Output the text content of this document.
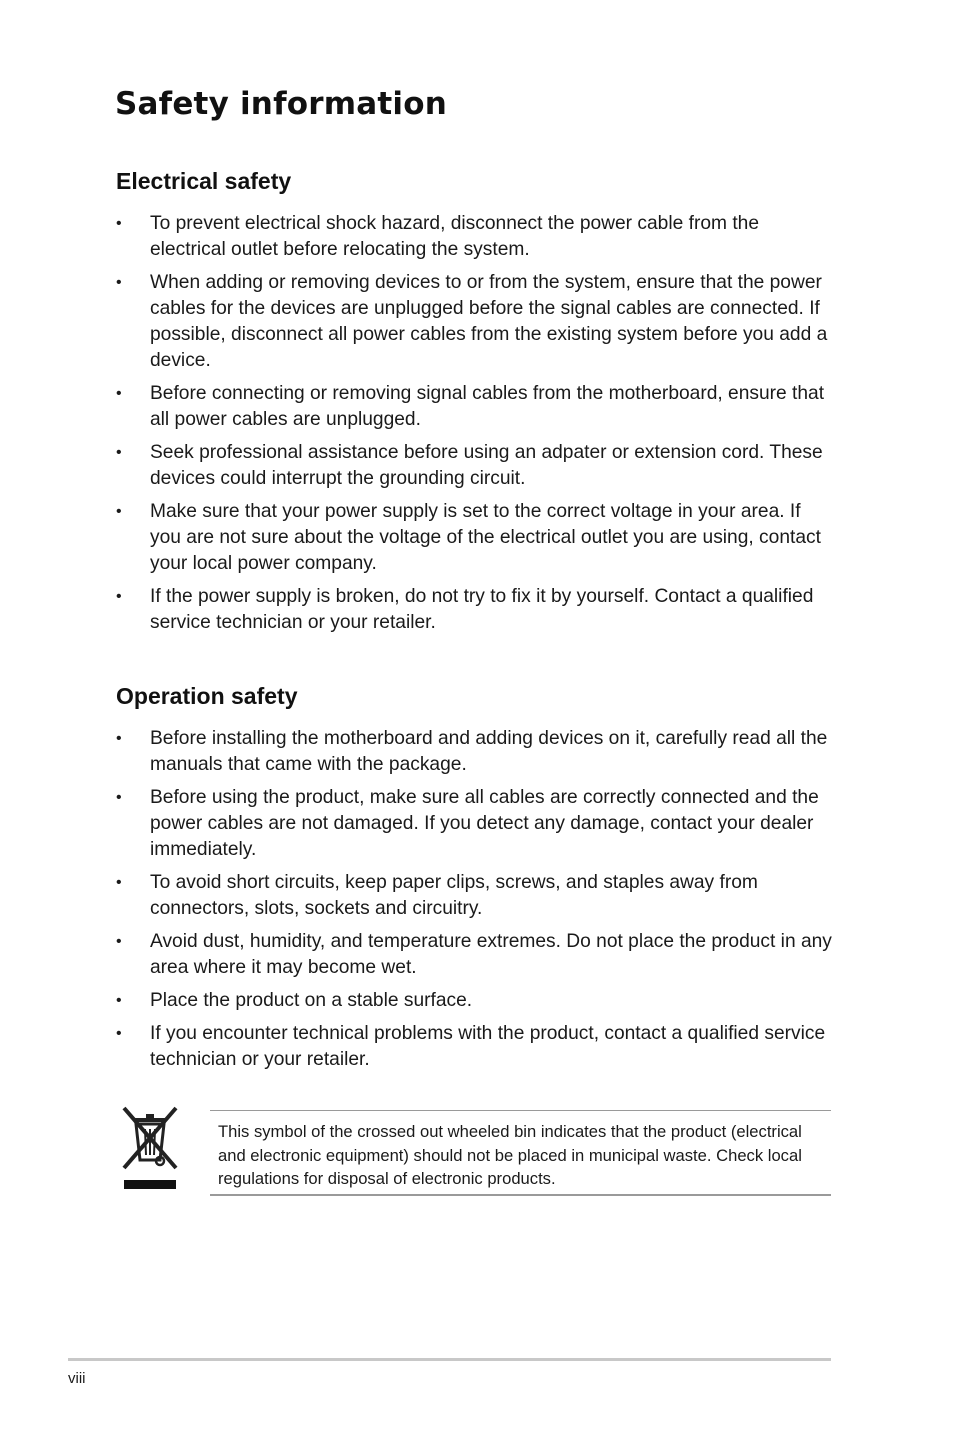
Safety information
Electrical safety
• To prevent electrical shock hazard, disconnect the power cable from the electrical outlet before relocating the system.
• When adding or removing devices to or from the system, ensure that the power cables for the devices are unplugged before the signal cables are connected. If possible, disconnect all power cables from the existing system before you add a device.
• Before connecting or removing signal cables from the motherboard, ensure that all power cables are unplugged.
• Seek professional assistance before using an adpater or extension cord. These devices could interrupt the grounding circuit.
• Make sure that your power supply is set to the correct voltage in your area. If you are not sure about the voltage of the electrical outlet you are using, contact your local power company.
• If the power supply is broken, do not try to fix it by yourself. Contact a qualified service technician or your retailer.
Operation safety
• Before installing the motherboard and adding devices on it, carefully read all the manuals that came with the package.
• Before using the product, make sure all cables are correctly connected and the power cables are not damaged. If you detect any damage, contact your dealer immediately.
• To avoid short circuits, keep paper clips, screws, and staples away from connectors, slots, sockets and circuitry.
• Avoid dust, humidity, and temperature extremes. Do not place the product in any area where it may become wet.
• Place the product on a stable surface.
• If you encounter technical problems with the product, contact a qualified service technician or your retailer.

This symbol of the crossed out wheeled bin indicates that the product (electrical and electronic equipment) should not be placed in municipal waste. Check local regulations for disposal of electronic products.

viii
